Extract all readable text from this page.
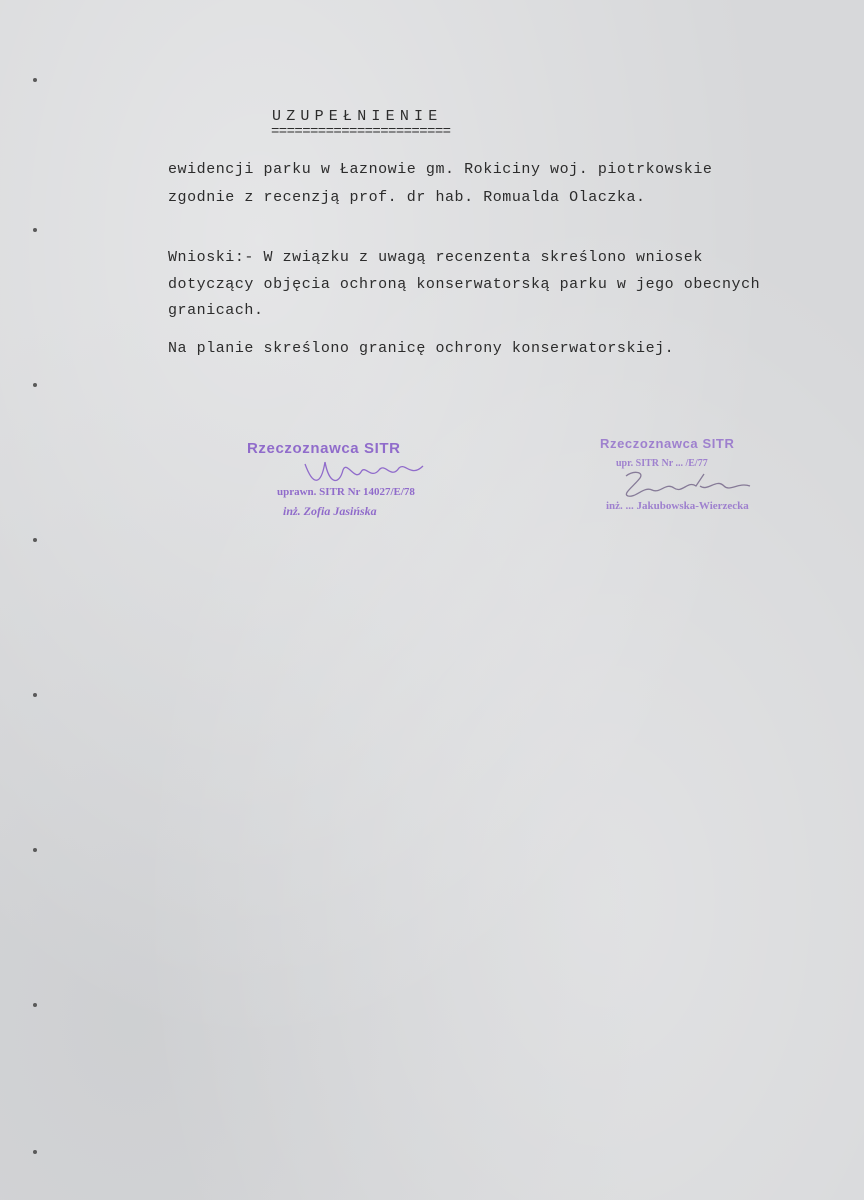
UZUPEŁNIENIE
=======================
ewidencji parku w Łaznowie gm. Rokiciny woj. piotrkowskie
zgodnie z recenzją prof. dr hab. Romualda Olaczka.
Wnioski:- W związku z uwagą recenzenta skreślono wniosek
dotyczący objęcia ochroną konserwatorską parku w jego obecnych
granicach.
Na planie skreślono granicę ochrony konserwatorskiej.
Rzeczoznawca SITR
uprawn. SITR Nr 14027/E/78
inż. Zofia Jasińska
Rzeczoznawca SITR
upr. SITR Nr ... /E/77
inż. ... Jakubowska-Wierzecka
